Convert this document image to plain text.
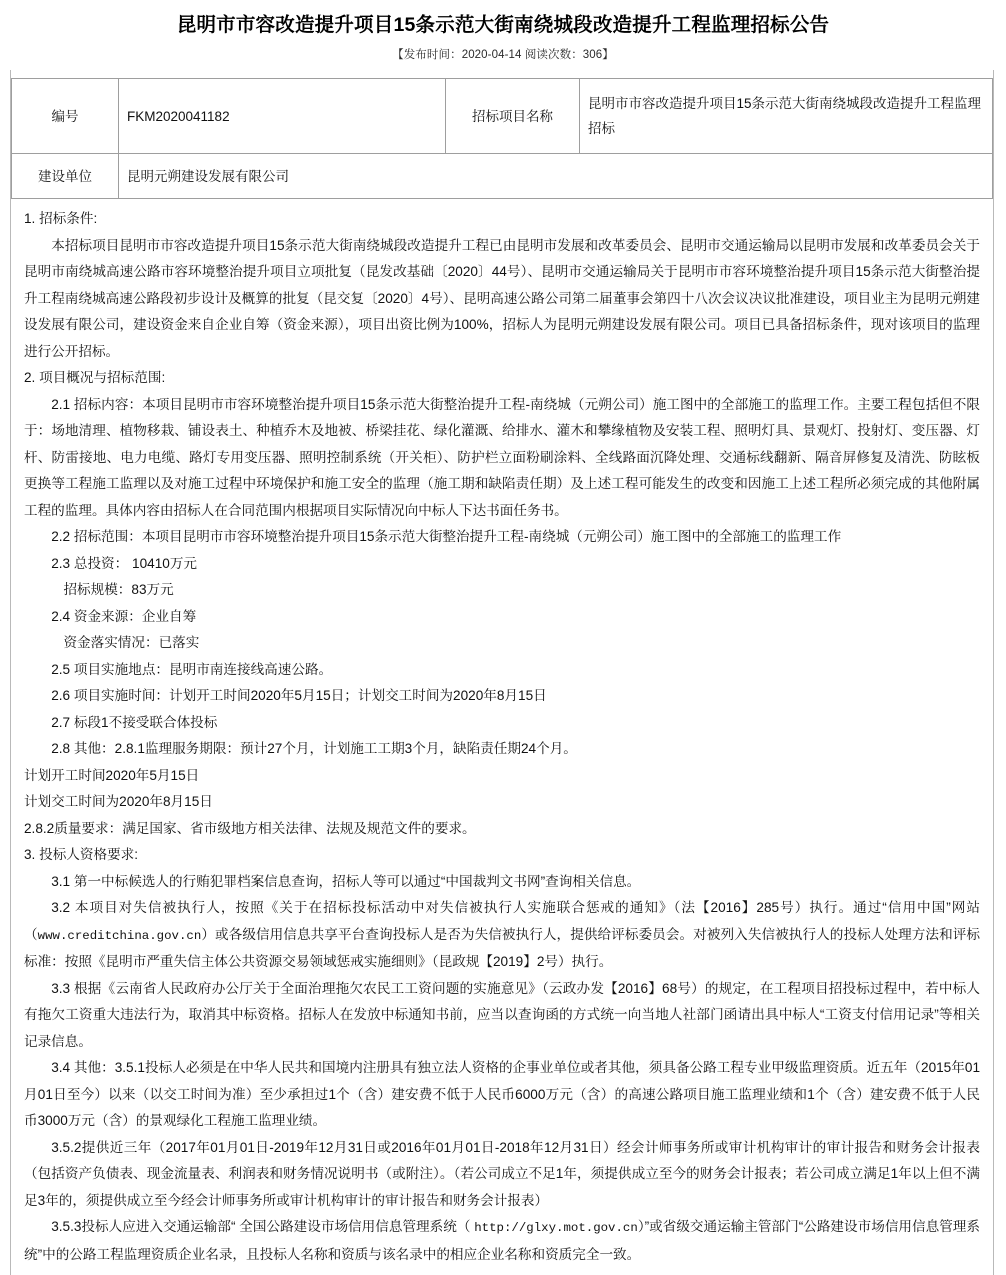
昆明市市容改造提升项目15条示范大街南绕城段改造提升工程监理招标公告
【发布时间：2020-04-14 阅读次数：306】
编号	FKM2020041182	招标项目名称	昆明市市容改造提升项目15条示范大街南绕城段改造提升工程监理招标
建设单位	昆明元朔建设发展有限公司		

1. 招标条件:

本招标项目昆明市市容改造提升项目15条示范大街南绕城段改造提升工程已由昆明市发展和改革委员会、昆明市交通运输局以昆明市发展和改革委员会关于昆明市南绕城高速公路市容环境整治提升项目立项批复（昆发改基础〔2020〕44号）、昆明市交通运输局关于昆明市市容环境整治提升项目15条示范大街整治提升工程南绕城高速公路段初步设计及概算的批复（昆交复〔2020〕4号）、昆明高速公路公司第二届董事会第四十八次会议决议批准建设，项目业主为昆明元朔建设发展有限公司，建设资金来自企业自筹（资金来源），项目出资比例为100%，招标人为昆明元朔建设发展有限公司。项目已具备招标条件，现对该项目的监理进行公开招标。

2. 项目概况与招标范围:

2.1 招标内容：本项目昆明市市容环境整治提升项目15条示范大街整治提升工程-南绕城（元朔公司）施工图中的全部施工的监理工作。主要工程包括但不限于：场地清理、植物移栽、铺设表土、种植乔木及地被、桥梁挂花、绿化灌溉、给排水、灌木和攀缘植物及安装工程、照明灯具、景观灯、投射灯、变压器、灯杆、防雷接地、电力电缆、路灯专用变压器、照明控制系统（开关柜）、防护栏立面粉刷涂料、全线路面沉降处理、交通标线翻新、隔音屏修复及清洗、防眩板更换等工程施工监理以及对施工过程中环境保护和施工安全的监理（施工期和缺陷责任期）及上述工程可能发生的改变和因施工上述工程所必须完成的其他附属工程的监理。具体内容由招标人在合同范围内根据项目实际情况向中标人下达书面任务书。

2.2 招标范围：本项目昆明市市容环境整治提升项目15条示范大街整治提升工程-南绕城（元朔公司）施工图中的全部施工的监理工作

2.3 总投资： 10410万元

招标规模：83万元

2.4 资金来源：企业自筹

资金落实情况：已落实

2.5 项目实施地点：昆明市南连接线高速公路。

2.6 项目实施时间：计划开工时间2020年5月15日；计划交工时间为2020年8月15日

2.7 标段1不接受联合体投标

2.8 其他：2.8.1监理服务期限：预计27个月，计划施工工期3个月，缺陷责任期24个月。

计划开工时间2020年5月15日

计划交工时间为2020年8月15日

2.8.2质量要求：满足国家、省市级地方相关法律、法规及规范文件的要求。

3. 投标人资格要求:

3.1 第一中标候选人的行贿犯罪档案信息查询，招标人等可以通过“中国裁判文书网”查询相关信息。

3.2 本项目对失信被执行人，按照《关于在招标投标活动中对失信被执行人实施联合惩戒的通知》（法【2016】285号）执行。通过“信用中国”网站（www.creditchina.gov.cn）或各级信用信息共享平台查询投标人是否为失信被执行人，提供给评标委员会。对被列入失信被执行人的投标人处理方法和评标标准：按照《昆明市严重失信主体公共资源交易领域惩戒实施细则》（昆政规【2019】2号）执行。

3.3 根据《云南省人民政府办公厅关于全面治理拖欠农民工工资问题的实施意见》（云政办发【2016】68号）的规定，在工程项目招投标过程中，若中标人有拖欠工资重大违法行为，取消其中标资格。招标人在发放中标通知书前，应当以查询函的方式统一向当地人社部门函请出具中标人“工资支付信用记录”等相关记录信息。

3.4 其他：3.5.1投标人必须是在中华人民共和国境内注册具有独立法人资格的企事业单位或者其他，须具备公路工程专业甲级监理资质。近五年（2015年01月01日至今）以来（以交工时间为准）至少承担过1个（含）建安费不低于人民币6000万元（含）的高速公路项目施工监理业绩和1个（含）建安费不低于人民币3000万元（含）的景观绿化工程施工监理业绩。

3.5.2提供近三年（2017年01月01日-2019年12月31日或2016年01月01日-2018年12月31日）经会计师事务所或审计机构审计的审计报告和财务会计报表（包括资产负债表、现金流量表、利润表和财务情况说明书（或附注）。（若公司成立不足1年，须提供成立至今的财务会计报表；若公司成立满足1年以上但不满足3年的，须提供成立至今经会计师事务所或审计机构审计的审计报告和财务会计报表）

3.5.3投标人应进入交通运输部“ 全国公路建设市场信用信息管理系统（ http://glxy.mot.gov.cn）”或省级交通运输主管部门“公路建设市场信用信息管理系统”中的公路工程监理资质企业名录，且投标人名称和资质与该名录中的相应企业名称和资质完全一致。
